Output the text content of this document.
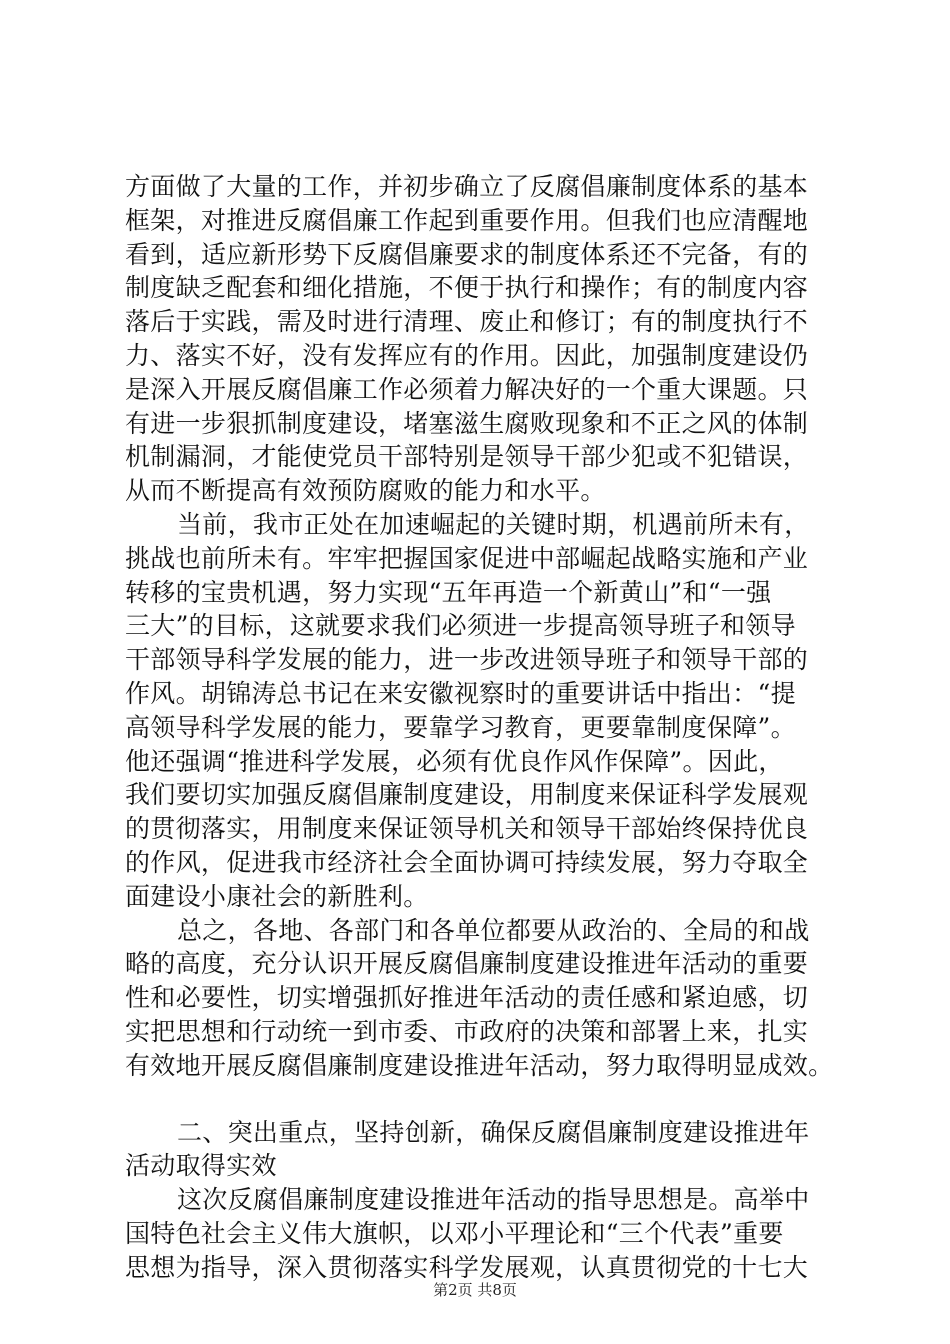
方面做了大量的工作，并初步确立了反腐倡廉制度体系的基本
框架，对推进反腐倡廉工作起到重要作用。但我们也应清醒地
看到，适应新形势下反腐倡廉要求的制度体系还不完备，有的
制度缺乏配套和细化措施，不便于执行和操作；有的制度内容
落后于实践，需及时进行清理、废止和修订；有的制度执行不
力、落实不好，没有发挥应有的作用。因此，加强制度建设仍
是深入开展反腐倡廉工作必须着力解决好的一个重大课题。只
有进一步狠抓制度建设，堵塞滋生腐败现象和不正之风的体制
机制漏洞，才能使党员干部特别是领导干部少犯或不犯错误，
从而不断提高有效预防腐败的能力和水平。
当前，我市正处在加速崛起的关键时期，机遇前所未有，
挑战也前所未有。牢牢把握国家促进中部崛起战略实施和产业
转移的宝贵机遇，努力实现“五年再造一个新黄山”和“一强
三大”的目标，这就要求我们必须进一步提高领导班子和领导
干部领导科学发展的能力，进一步改进领导班子和领导干部的
作风。胡锦涛总书记在来安徽视察时的重要讲话中指出：“提
高领导科学发展的能力，要靠学习教育，更要靠制度保障”。
他还强调“推进科学发展，必须有优良作风作保障”。因此，
我们要切实加强反腐倡廉制度建设，用制度来保证科学发展观
的贯彻落实，用制度来保证领导机关和领导干部始终保持优良
的作风，促进我市经济社会全面协调可持续发展，努力夺取全
面建设小康社会的新胜利。
总之，各地、各部门和各单位都要从政治的、全局的和战
略的高度，充分认识开展反腐倡廉制度建设推进年活动的重要
性和必要性，切实增强抓好推进年活动的责任感和紧迫感，切
实把思想和行动统一到市委、市政府的决策和部署上来，扎实
有效地开展反腐倡廉制度建设推进年活动，努力取得明显成效。
二、突出重点，坚持创新，确保反腐倡廉制度建设推进年
活动取得实效
这次反腐倡廉制度建设推进年活动的指导思想是。高举中
国特色社会主义伟大旗帜，以邓小平理论和“三个代表”重要
思想为指导，深入贯彻落实科学发展观，认真贯彻党的十七大
第2页 共8页
